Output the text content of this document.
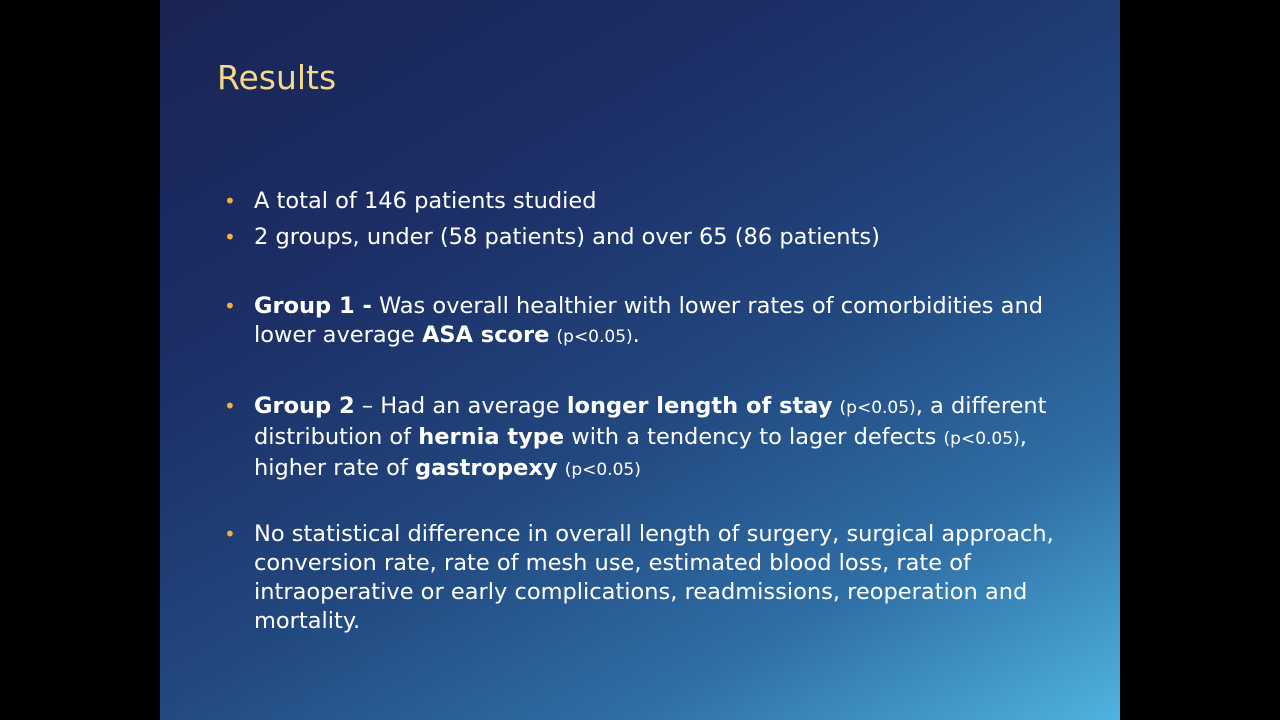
Results
• A total of 146 patients studied
• 2 groups, under (58 patients) and over 65 (86 patients)
• Group 1 - Was overall healthier with lower rates of comorbidities and lower average ASA score (p<0.05).
• Group 2 – Had an average longer length of stay (p<0.05), a different distribution of hernia type with a tendency to lager defects (p<0.05), higher rate of gastropexy (p<0.05)
• No statistical difference in overall length of surgery, surgical approach, conversion rate, rate of mesh use, estimated blood loss, rate of intraoperative or early complications, readmissions, reoperation and mortality.
